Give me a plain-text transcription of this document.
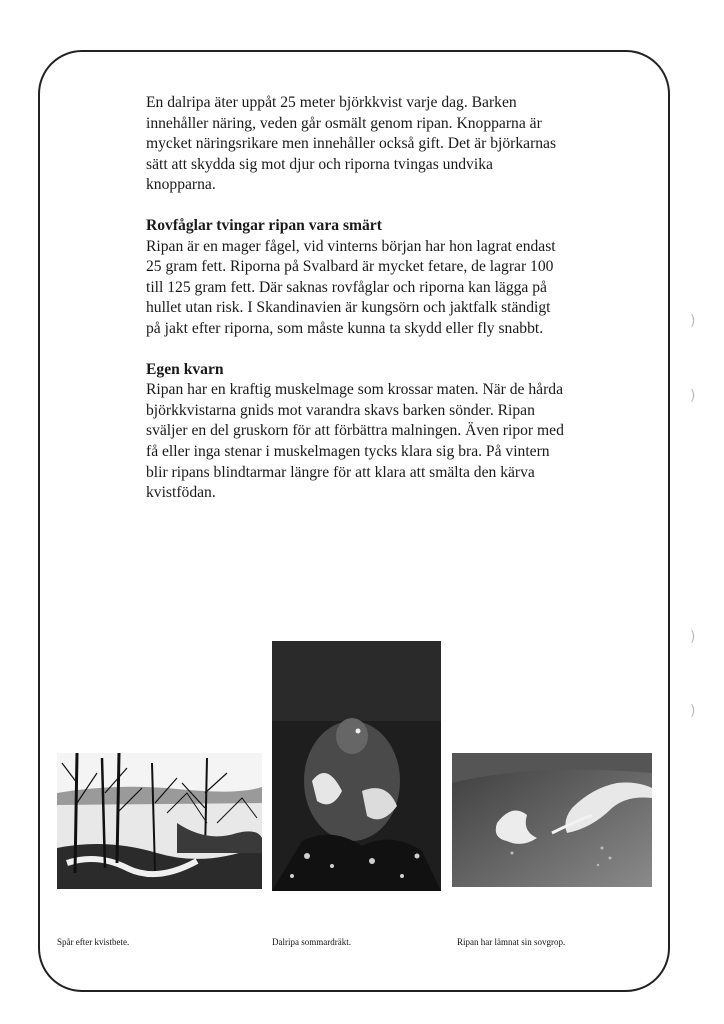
En dalripa äter uppåt 25 meter björkkvist varje dag. Barken innehåller näring, veden går osmält genom ripan. Knopparna är mycket näringsrikare men innehåller också gift. Det är björkarnas sätt att skydda sig mot djur och riporna tvingas undvika knopparna.

Rovfåglar tvingar ripan vara smärt

Ripan är en mager fågel, vid vinterns början har hon lagrat endast 25 gram fett. Riporna på Svalbard är mycket fetare, de lagrar 100 till 125 gram fett. Där saknas rovfåglar och riporna kan lägga på hullet utan risk. I Skandinavien är kungsörn och jaktfalk ständigt på jakt efter riporna, som måste kunna ta skydd eller fly snabbt.

Egen kvarn

Ripan har en kraftig muskelmage som krossar maten. När de hårda björkkvistarna gnids mot varandra skavs barken sönder. Ripan sväljer en del gruskorn för att förbättra malningen. Även ripor med få eller inga stenar i muskelmagen tycks klara sig bra. På vintern blir ripans blindtarmar längre för att klara att smälta den kärva kvistfödan.

Spår efter kvistbete.	Dalripa sommardräkt.	Ripan har lämnat sin sovgrop.
)
)
)
)
